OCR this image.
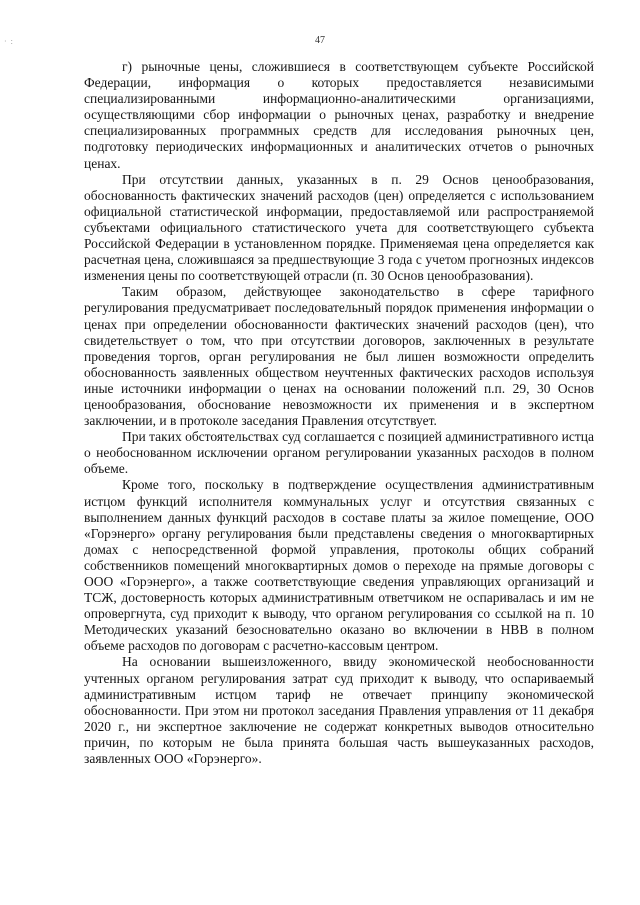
· :	47

г) рыночные цены, сложившиеся в соответствующем субъекте Российской Федерации, информация о которых предоставляется независимыми специализированными информационно-аналитическими организациями, осуществляющими сбор информации о рыночных ценах, разработку и внедрение специализированных программных средств для исследования рыночных цен, подготовку периодических информационных и аналитических отчетов о рыночных ценах.

При отсутствии данных, указанных в п. 29 Основ ценообразования, обоснованность фактических значений расходов (цен) определяется с использованием официальной статистической информации, предоставляемой или распространяемой субъектами официального статистического учета для соответствующего субъекта Российской Федерации в установленном порядке. Применяемая цена определяется как расчетная цена, сложившаяся за предшествующие 3 года с учетом прогнозных индексов изменения цены по соответствующей отрасли (п. 30 Основ ценообразования).

Таким образом, действующее законодательство в сфере тарифного регулирования предусматривает последовательный порядок применения информации о ценах при определении обоснованности фактических значений расходов (цен), что свидетельствует о том, что при отсутствии договоров, заключенных в результате проведения торгов, орган регулирования не был лишен возможности определить обоснованность заявленных обществом неучтенных фактических расходов используя иные источники информации о ценах на основании положений п.п. 29, 30 Основ ценообразования, обоснование невозможности их применения и в экспертном заключении, и в протоколе заседания Правления отсутствует.

При таких обстоятельствах суд соглашается с позицией административного истца о необоснованном исключении органом регулировании указанных расходов в полном объеме.

Кроме того, поскольку в подтверждение осуществления административным истцом функций исполнителя коммунальных услуг и отсутствия связанных с выполнением данных функций расходов в составе платы за жилое помещение, ООО «Горэнерго» органу регулирования были представлены сведения о многоквартирных домах с непосредственной формой управления, протоколы общих собраний собственников помещений многоквартирных домов о переходе на прямые договоры с ООО «Горэнерго», а также соответствующие сведения управляющих организаций и ТСЖ, достоверность которых административным ответчиком не оспаривалась и им не опровергнута, суд приходит к выводу, что органом регулирования со ссылкой на п. 10 Методических указаний безосновательно оказано во включении в НВВ в полном объеме расходов по договорам с расчетно-кассовым центром.

На основании вышеизложенного, ввиду экономической необоснованности учтенных органом регулирования затрат суд приходит к выводу, что оспариваемый административным истцом тариф не отвечает принципу экономической обоснованности. При этом ни протокол заседания Правления управления от 11 декабря 2020 г., ни экспертное заключение не содержат конкретных выводов относительно причин, по которым не была принята большая часть вышеуказанных расходов, заявленных ООО «Горэнерго».
